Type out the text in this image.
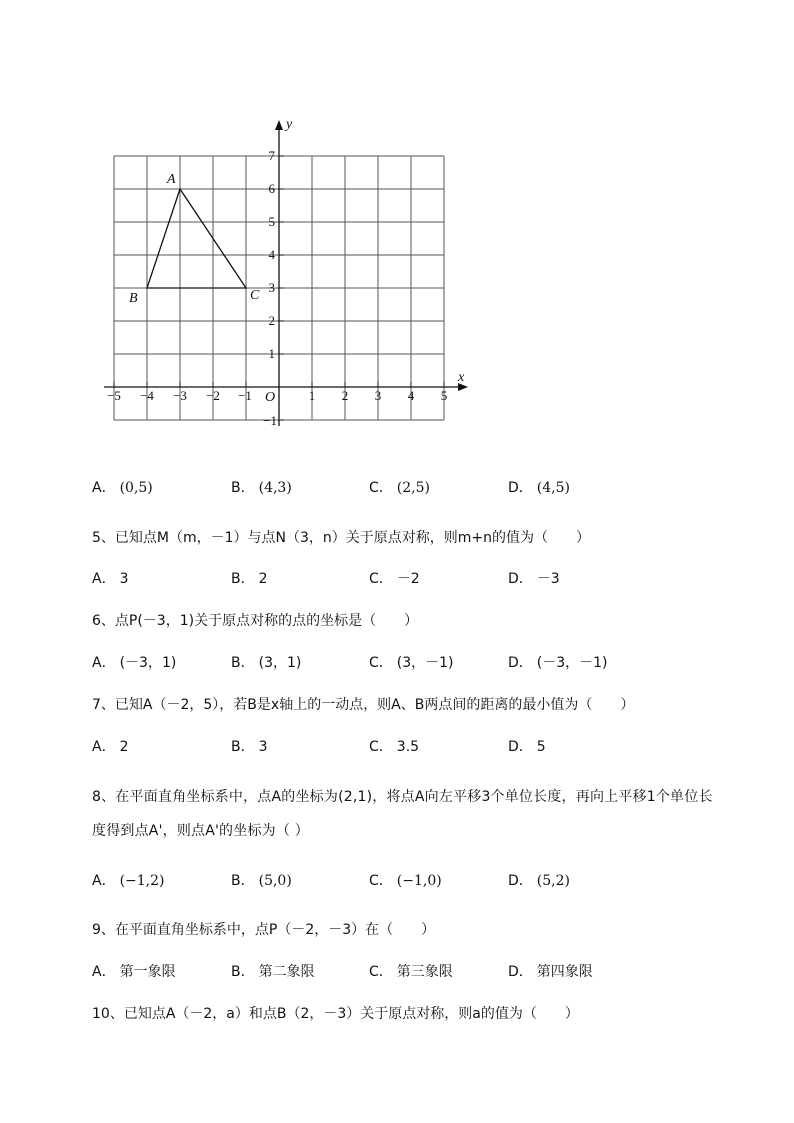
−5 −4 −3 −2 −1	1 2 3 4 5
7
6
5
4
3
2
1
−1
y
x
O
A
B	C
A． (0,5)	B． (4,3)	C． (2,5)	D． (4,5)
5、已知点M（m，－1）与点N（3，n）关于原点对称，则m+n的值为（　　）
A． 3	B． 2	C． －2	D． －3
6、点P(－3，1)关于原点对称的点的坐标是（　　）
A． (－3，1)	B． (3，1)	C． (3，－1)	D． (－3，－1)
7、已知A（－2，5），若B是x轴上的一动点，则A、B两点间的距离的最小值为（　　）
A． 2	B． 3	C． 3.5	D． 5
8、在平面直角坐标系中，点A的坐标为(2,1)，将点A向左平移3个单位长度，再向上平移1个单位长
度得到点A'，则点A'的坐标为（ ）
A． (−1,2)	B． (5,0)	C． (−1,0)	D． (5,2)
9、在平面直角坐标系中，点P（－2，－3）在（　　）
A． 第一象限	B． 第二象限	C． 第三象限	D． 第四象限
10、已知点A（－2，a）和点B（2，－3）关于原点对称，则a的值为（　　）
